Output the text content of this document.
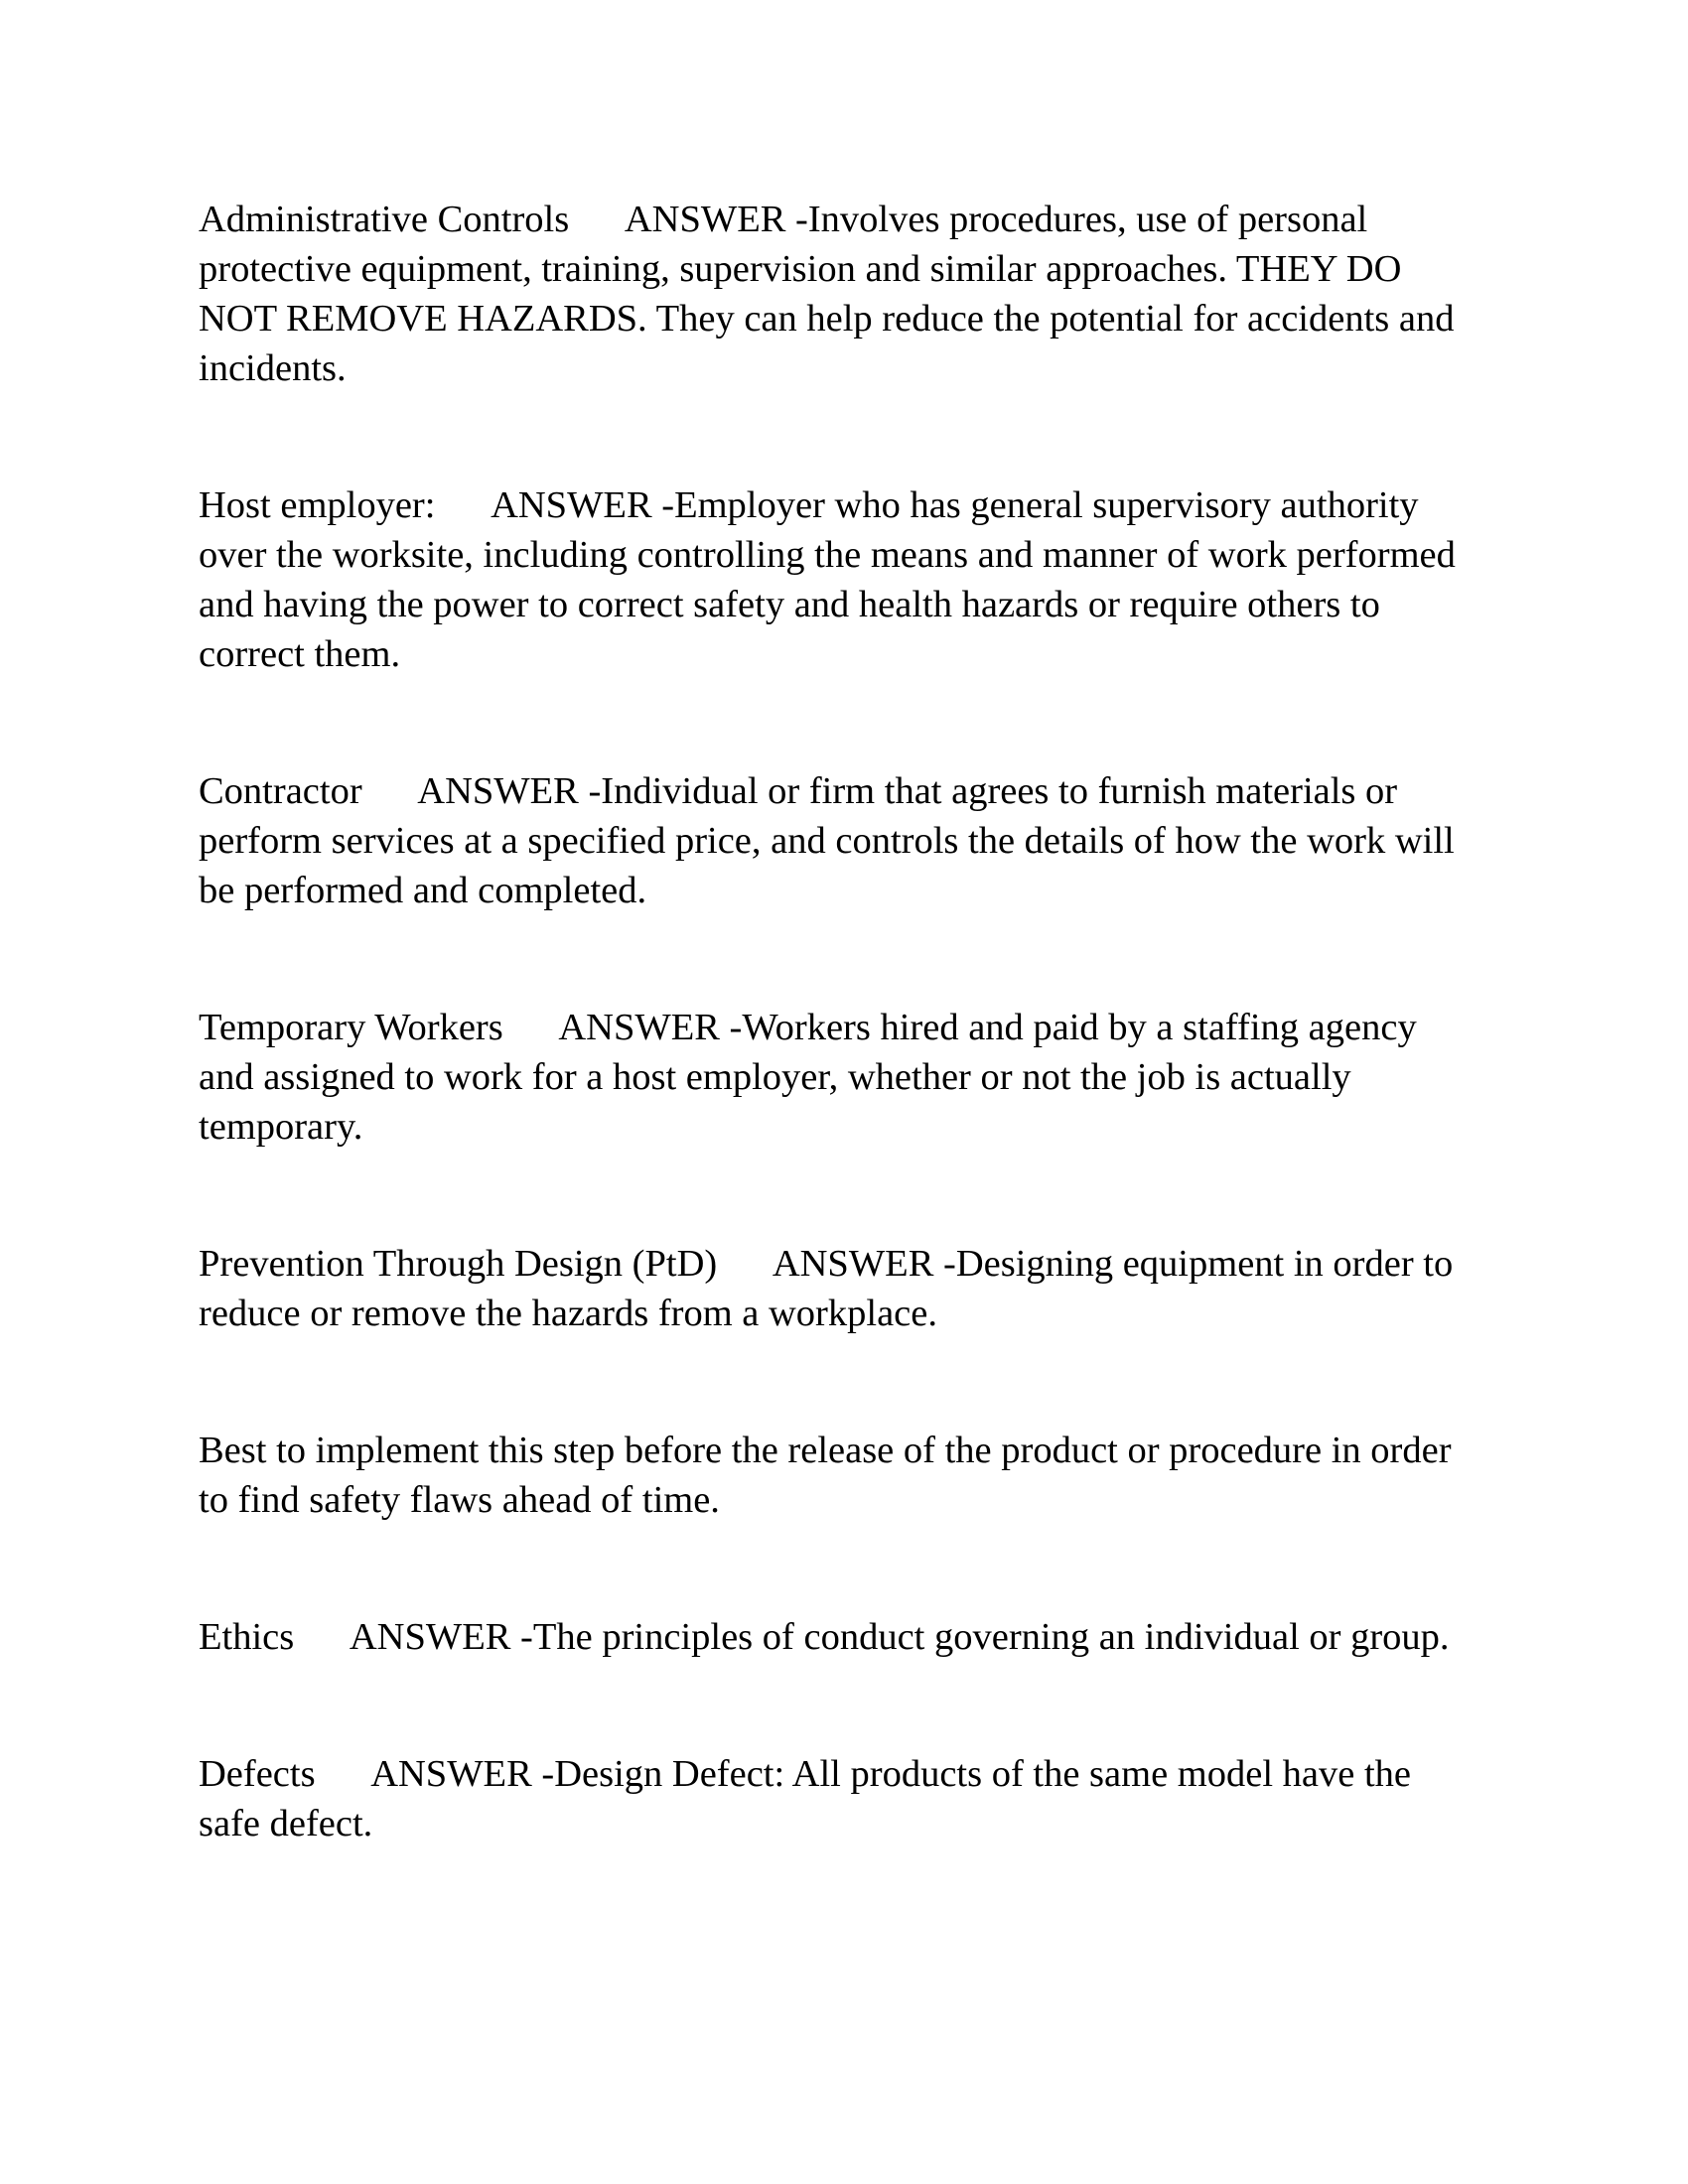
Administrative Controls      ANSWER -Involves procedures, use of personal
protective equipment, training, supervision and similar approaches. THEY DO
NOT REMOVE HAZARDS. They can help reduce the potential for accidents and
incidents.
Host employer:      ANSWER -Employer who has general supervisory authority
over the worksite, including controlling the means and manner of work performed
and having the power to correct safety and health hazards or require others to
correct them.
Contractor      ANSWER -Individual or firm that agrees to furnish materials or
perform services at a specified price, and controls the details of how the work will
be performed and completed.
Temporary Workers      ANSWER -Workers hired and paid by a staffing agency
and assigned to work for a host employer, whether or not the job is actually
temporary.
Prevention Through Design (PtD)      ANSWER -Designing equipment in order to
reduce or remove the hazards from a workplace.
Best to implement this step before the release of the product or procedure in order
to find safety flaws ahead of time.
Ethics      ANSWER -The principles of conduct governing an individual or group.
Defects      ANSWER -Design Defect: All products of the same model have the
safe defect.
